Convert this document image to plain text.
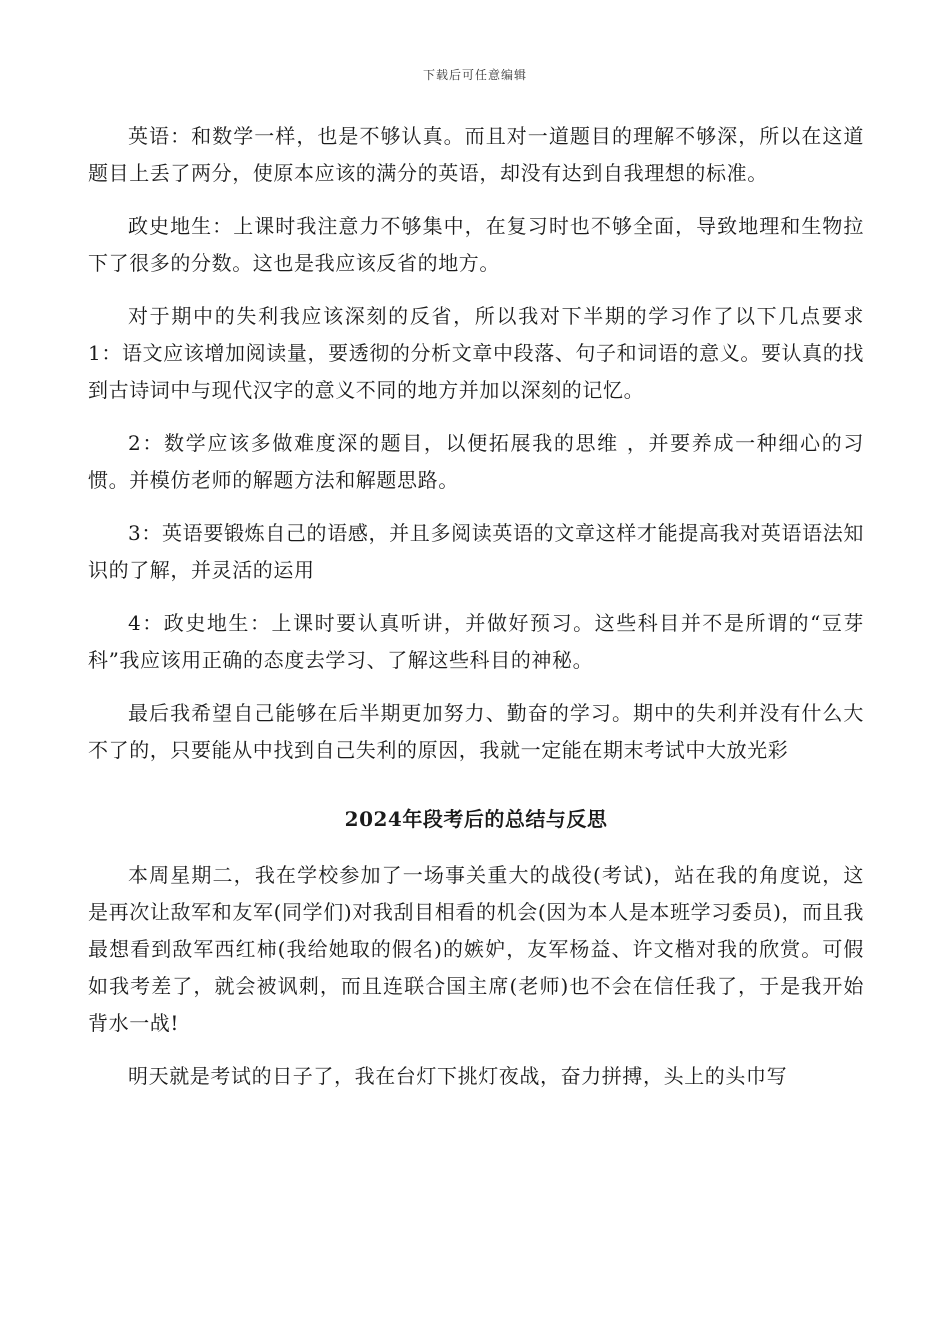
下载后可任意编辑

英语：和数学一样，也是不够认真。而且对一道题目的理解不够深，所以在这道题目上丢了两分，使原本应该的满分的英语，却没有达到自我理想的标准。

政史地生：上课时我注意力不够集中，在复习时也不够全面，导致地理和生物拉下了很多的分数。这也是我应该反省的地方。

对于期中的失利我应该深刻的反省，所以我对下半期的学习作了以下几点要求 1：语文应该增加阅读量，要透彻的分析文章中段落、句子和词语的意义。要认真的找到古诗词中与现代汉字的意义不同的地方并加以深刻的记忆。

2：数学应该多做难度深的题目，以便拓展我的思维 ，并要养成一种细心的习惯。并模仿老师的解题方法和解题思路。

3：英语要锻炼自己的语感，并且多阅读英语的文章这样才能提高我对英语语法知识的了解，并灵活的运用

4：政史地生：上课时要认真听讲，并做好预习。这些科目并不是所谓的“豆芽科”我应该用正确的态度去学习、了解这些科目的神秘。

最后我希望自己能够在后半期更加努力、勤奋的学习。期中的失利并没有什么大不了的，只要能从中找到自己失利的原因，我就一定能在期末考试中大放光彩

2024年段考后的总结与反思

本周星期二，我在学校参加了一场事关重大的战役(考试)，站在我的角度说，这是再次让敌军和友军(同学们)对我刮目相看的机会(因为本人是本班学习委员)，而且我最想看到敌军西红柿(我给她取的假名)的嫉妒，友军杨益、许文楷对我的欣赏。可假如我考差了，就会被讽刺，而且连联合国主席(老师)也不会在信任我了，于是我开始背水一战!

明天就是考试的日子了，我在台灯下挑灯夜战，奋力拼搏，头上的头巾写
